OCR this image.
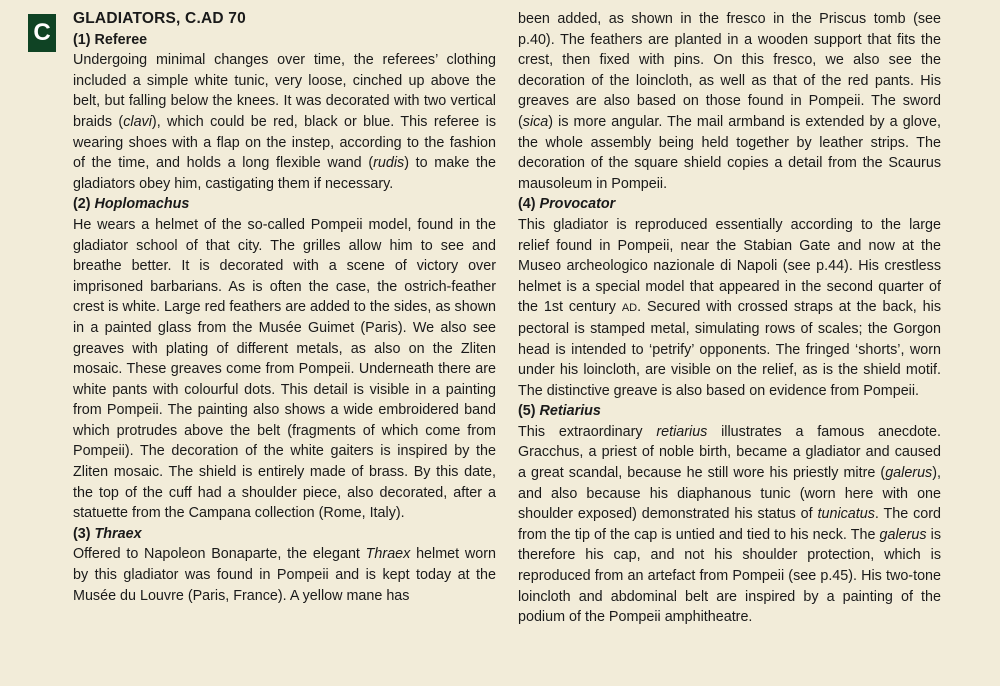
C

GLADIATORS, C.AD 70

(1) Referee

Undergoing minimal changes over time, the referees’ clothing included a simple white tunic, very loose, cinched up above the belt, but falling below the knees. It was decorated with two vertical braids (clavi), which could be red, black or blue. This referee is wearing shoes with a flap on the instep, according to the fashion of the time, and holds a long flexible wand (rudis) to make the gladiators obey him, castigating them if necessary.

(2) Hoplomachus

He wears a helmet of the so-called Pompeii model, found in the gladiator school of that city. The grilles allow him to see and breathe better. It is decorated with a scene of victory over imprisoned barbarians. As is often the case, the ostrich-feather crest is white. Large red feathers are added to the sides, as shown in a painted glass from the Musée Guimet (Paris). We also see greaves with plating of different metals, as also on the Zliten mosaic. These greaves come from Pompeii. Underneath there are white pants with colourful dots. This detail is visible in a painting from Pompeii. The painting also shows a wide embroidered band which protrudes above the belt (fragments of which come from Pompeii). The decoration of the white gaiters is inspired by the Zliten mosaic. The shield is entirely made of brass. By this date, the top of the cuff had a shoulder piece, also decorated, after a statuette from the Campana collection (Rome, Italy).

(3) Thraex

Offered to Napoleon Bonaparte, the elegant Thraex helmet worn by this gladiator was found in Pompeii and is kept today at the Musée du Louvre (Paris, France). A yellow mane has

been added, as shown in the fresco in the Priscus tomb (see p.40). The feathers are planted in a wooden support that fits the crest, then fixed with pins. On this fresco, we also see the decoration of the loincloth, as well as that of the red pants. His greaves are also based on those found in Pompeii. The sword (sica) is more angular. The mail armband is extended by a glove, the whole assembly being held together by leather strips. The decoration of the square shield copies a detail from the Scaurus mausoleum in Pompeii.

(4) Provocator

This gladiator is reproduced essentially according to the large relief found in Pompeii, near the Stabian Gate and now at the Museo archeologico nazionale di Napoli (see p.44). His crestless helmet is a special model that appeared in the second quarter of the 1st century AD. Secured with crossed straps at the back, his pectoral is stamped metal, simulating rows of scales; the Gorgon head is intended to ‘petrify’ opponents. The fringed ‘shorts’, worn under his loincloth, are visible on the relief, as is the shield motif. The distinctive greave is also based on evidence from Pompeii.

(5) Retiarius

This extraordinary retiarius illustrates a famous anecdote. Gracchus, a priest of noble birth, became a gladiator and caused a great scandal, because he still wore his priestly mitre (galerus), and also because his diaphanous tunic (worn here with one shoulder exposed) demonstrated his status of tunicatus. The cord from the tip of the cap is untied and tied to his neck. The galerus is therefore his cap, and not his shoulder protection, which is reproduced from an artefact from Pompeii (see p.45). His two-tone loincloth and abdominal belt are inspired by a painting of the podium of the Pompeii amphitheatre.
